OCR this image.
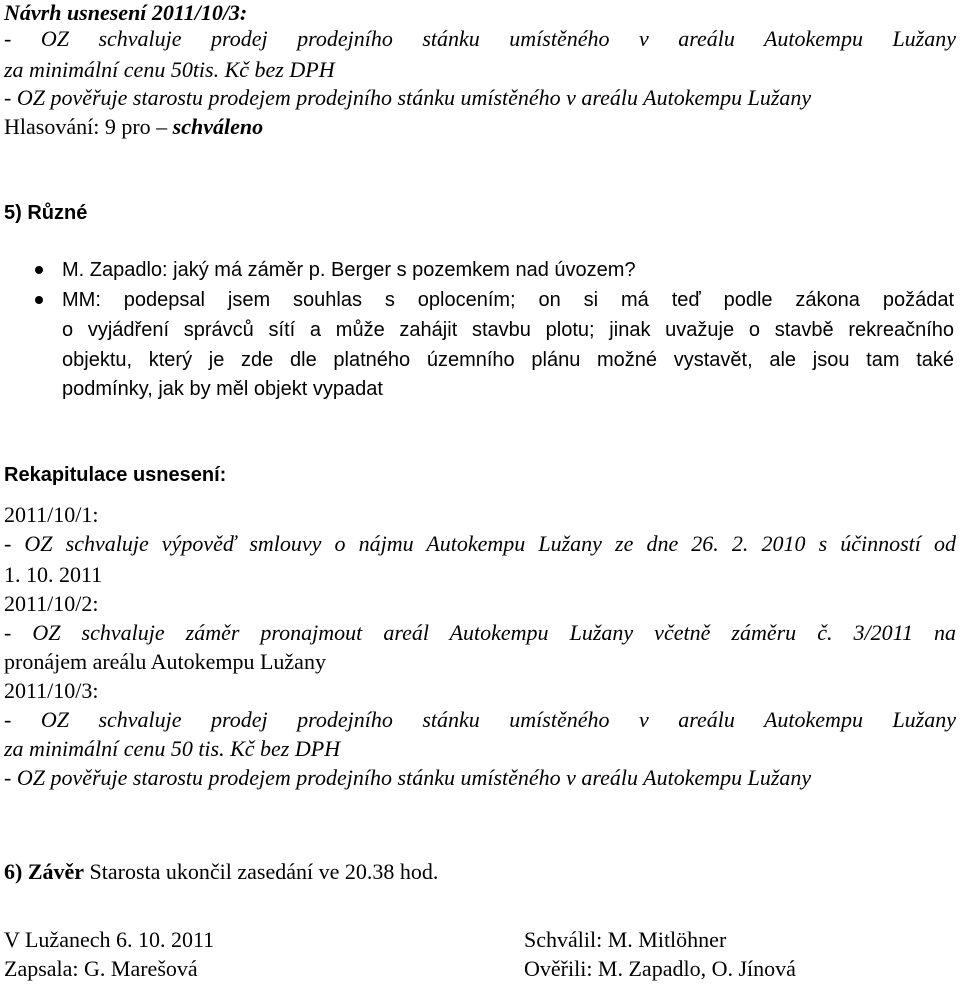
Návrh usnesení 2011/10/3:
- OZ schvaluje prodej prodejního stánku umístěného v areálu Autokempu Lužany
za minimální cenu 50tis. Kč bez DPH
- OZ pověřuje starostu prodejem prodejního stánku umístěného v areálu Autokempu Lužany
Hlasování: 9 pro – schváleno
5) Různé
M. Zapadlo: jaký má záměr p. Berger s pozemkem nad úvozem?
MM: podepsal jsem souhlas s oplocením; on si má teď podle zákona požádat
o vyjádření správců sítí a může zahájit stavbu plotu; jinak uvažuje o stavbě rekreačního
objektu, který je zde dle platného územního plánu možné vystavět, ale jsou tam také
podmínky, jak by měl objekt vypadat
Rekapitulace usnesení:
2011/10/1:
- OZ schvaluje výpověď smlouvy o nájmu Autokempu Lužany ze dne 26. 2. 2010 s účinností od
1. 10. 2011
2011/10/2:
- OZ schvaluje záměr pronajmout areál Autokempu Lužany včetně záměru č. 3/2011 na
pronájem areálu Autokempu Lužany
2011/10/3:
- OZ schvaluje prodej prodejního stánku umístěného v areálu Autokempu Lužany
za minimální cenu 50 tis. Kč bez DPH
- OZ pověřuje starostu prodejem prodejního stánku umístěného v areálu Autokempu Lužany
6) Závěr Starosta ukončil zasedání ve 20.38 hod.
V Lužanech 6. 10. 2011	Schválil: M. Mitlöhner
Zapsala: G. Marešová	Ověřili: M. Zapadlo, O. Jínová
